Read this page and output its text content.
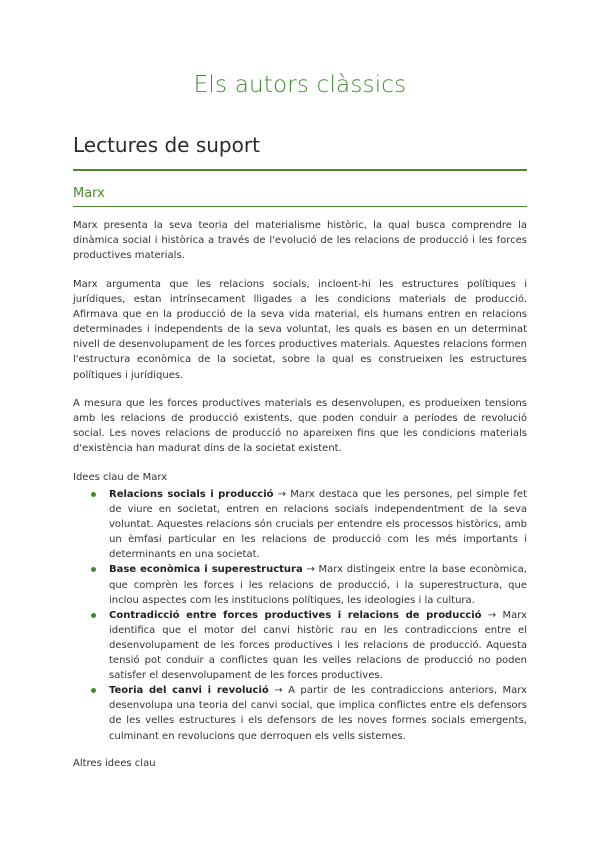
Els autors clàssics
Lectures de suport
Marx

Marx presenta la seva teoria del materialisme històric, la qual busca comprendre la dinàmica social i històrica a través de l'evolució de les relacions de producció i les forces productives materials.

Marx argumenta que les relacions socials, incloent-hi les estructures polítiques i jurídiques, estan intrínsecament lligades a les condicions materials de producció. Afirmava que en la producció de la seva vida material, els humans entren en relacions determinades i independents de la seva voluntat, les quals es basen en un determinat nivell de desenvolupament de les forces productives materials. Aquestes relacions formen l'estructura econòmica de la societat, sobre la qual es construeixen les estructures polítiques i jurídiques.

A mesura que les forces productives materials es desenvolupen, es produeixen tensions amb les relacions de producció existents, que poden conduir a períodes de revolució social. Les noves relacions de producció no apareixen fins que les condicions materials d'existència han madurat dins de la societat existent.

Idees clau de Marx
Relacions socials i producció → Marx destaca que les persones, pel simple fet de viure en societat, entren en relacions socials independentment de la seva voluntat. Aquestes relacions són crucials per entendre els processos històrics, amb un èmfasi particular en les relacions de producció com les més importants i determinants en una societat.
Base econòmica i superestructura → Marx distingeix entre la base econòmica, que comprèn les forces i les relacions de producció, i la superestructura, que inclou aspectes com les institucions polítiques, les ideologies i la cultura.
Contradicció entre forces productives i relacions de producció → Marx identifica que el motor del canvi històric rau en les contradiccions entre el desenvolupament de les forces productives i les relacions de producció. Aquesta tensió pot conduir a conflictes quan les velles relacions de producció no poden satisfer el desenvolupament de les forces productives.
Teoria del canvi i revolució → A partir de les contradiccions anteriors, Marx desenvolupa una teoria del canvi social, que implica conflictes entre els defensors de les velles estructures i els defensors de les noves formes socials emergents, culminant en revolucions que derroquen els vells sistemes.
Altres idees clau
